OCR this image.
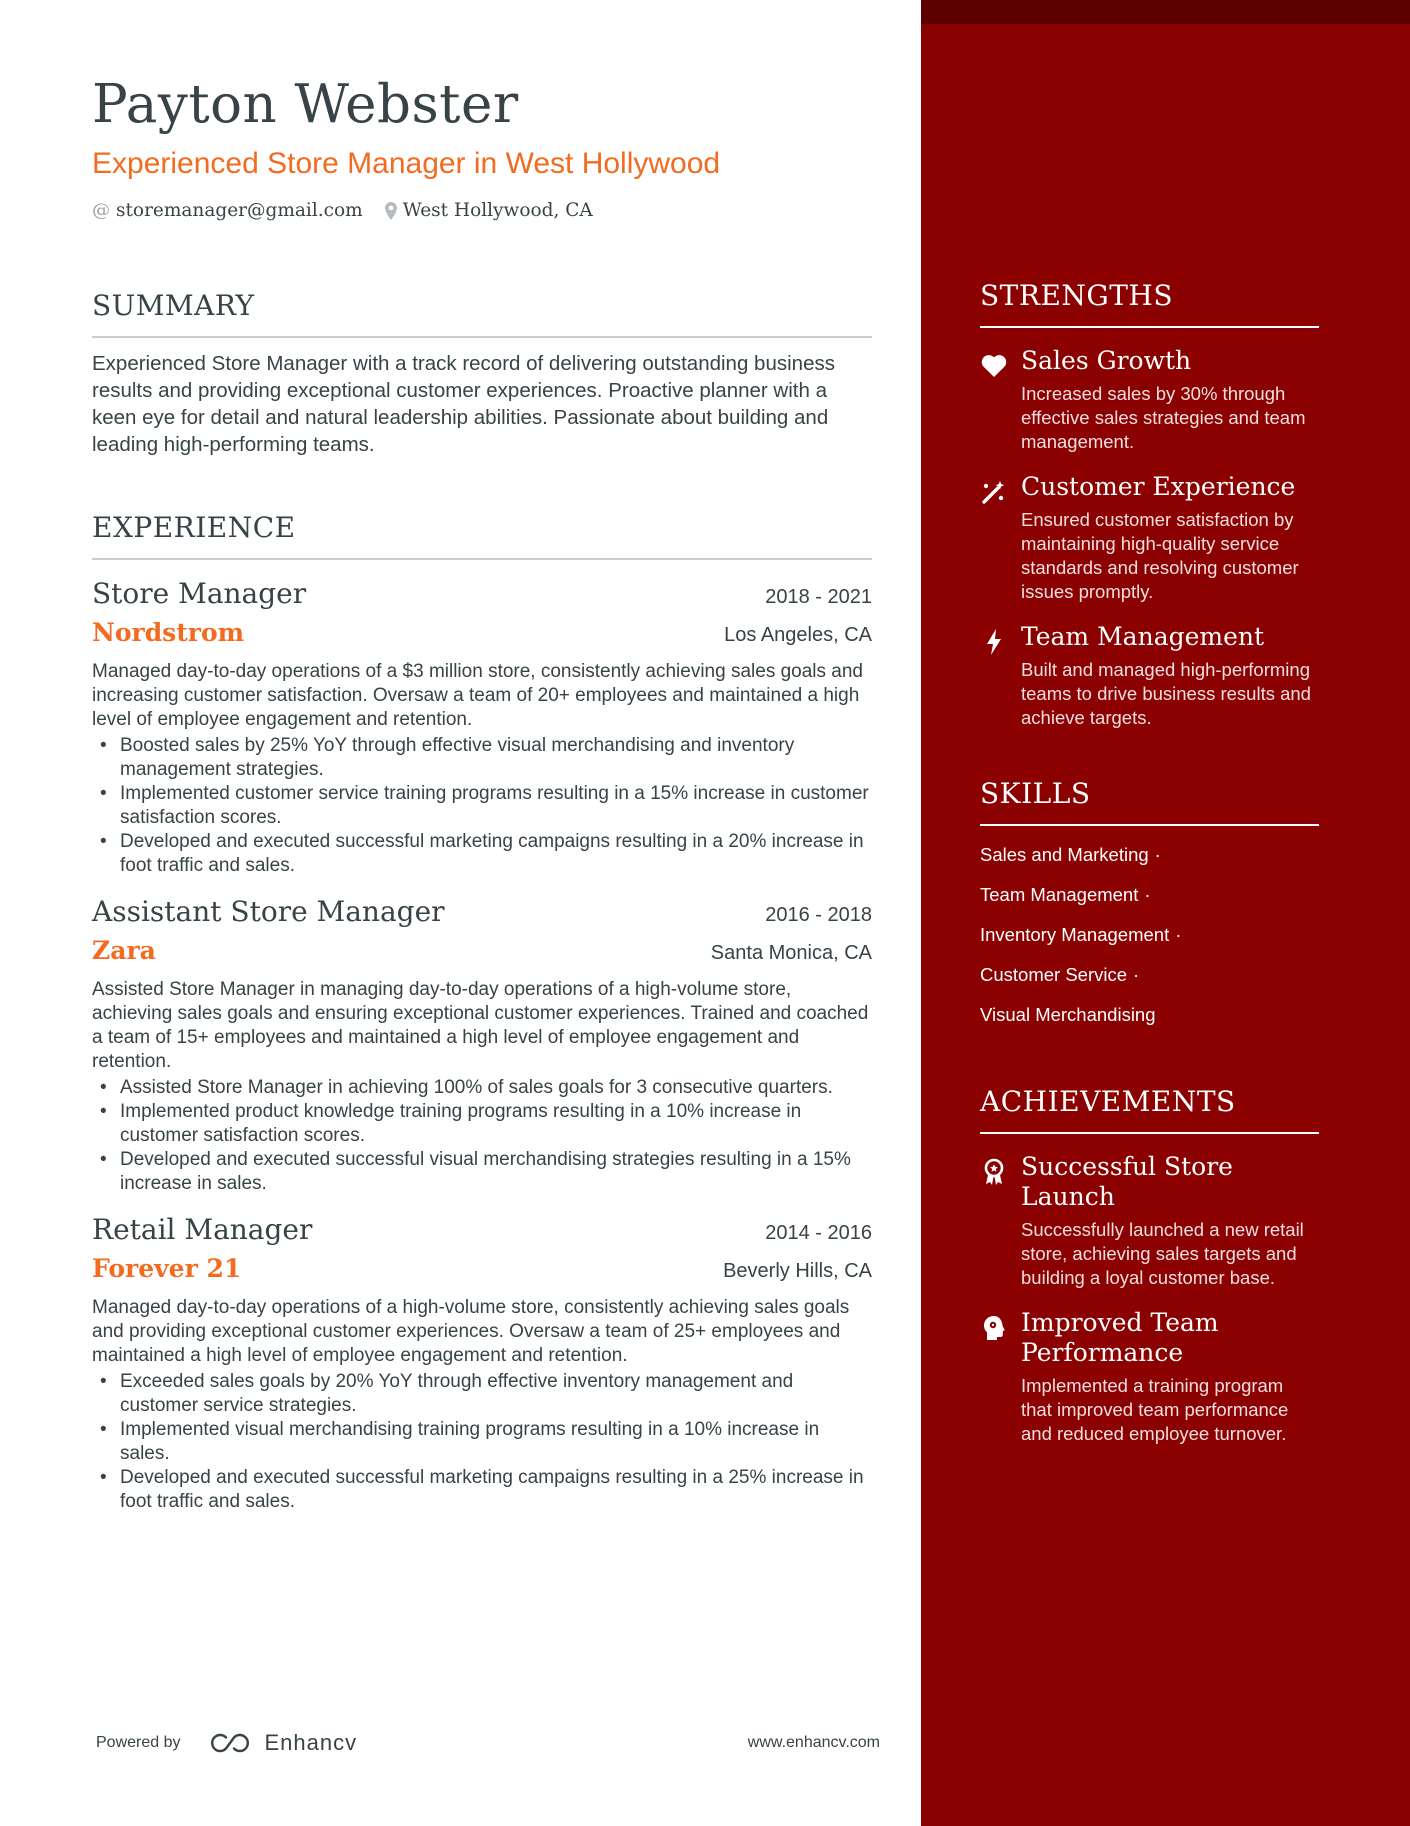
Payton Webster
Experienced Store Manager in West Hollywood
@ storemanager@gmail.com West Hollywood, CA
SUMMARY
Experienced Store Manager with a track record of delivering outstanding business results and providing exceptional customer experiences. Proactive planner with a keen eye for detail and natural leadership abilities. Passionate about building and leading high-performing teams.
EXPERIENCE
Store Manager	2018 - 2021
Nordstrom	Los Angeles, CA
Managed day-to-day operations of a $3 million store, consistently achieving sales goals and increasing customer satisfaction. Oversaw a team of 20+ employees and maintained a high level of employee engagement and retention.
• Boosted sales by 25% YoY through effective visual merchandising and inventory management strategies.
• Implemented customer service training programs resulting in a 15% increase in customer satisfaction scores.
• Developed and executed successful marketing campaigns resulting in a 20% increase in foot traffic and sales.
Assistant Store Manager	2016 - 2018
Zara	Santa Monica, CA
Assisted Store Manager in managing day-to-day operations of a high-volume store, achieving sales goals and ensuring exceptional customer experiences. Trained and coached a team of 15+ employees and maintained a high level of employee engagement and retention.
• Assisted Store Manager in achieving 100% of sales goals for 3 consecutive quarters.
• Implemented product knowledge training programs resulting in a 10% increase in customer satisfaction scores.
• Developed and executed successful visual merchandising strategies resulting in a 15% increase in sales.
Retail Manager	2014 - 2016
Forever 21	Beverly Hills, CA
Managed day-to-day operations of a high-volume store, consistently achieving sales goals and providing exceptional customer experiences. Oversaw a team of 25+ employees and maintained a high level of employee engagement and retention.
• Exceeded sales goals by 20% YoY through effective inventory management and customer service strategies.
• Implemented visual merchandising training programs resulting in a 10% increase in sales.
• Developed and executed successful marketing campaigns resulting in a 25% increase in foot traffic and sales.
STRENGTHS
Sales Growth
Increased sales by 30% through effective sales strategies and team management.
Customer Experience
Ensured customer satisfaction by maintaining high-quality service standards and resolving customer issues promptly.
Team Management
Built and managed high-performing teams to drive business results and achieve targets.
SKILLS
Sales and Marketing ·
Team Management ·
Inventory Management ·
Customer Service ·
Visual Merchandising
ACHIEVEMENTS
Successful Store Launch
Successfully launched a new retail store, achieving sales targets and building a loyal customer base.
Improved Team Performance
Implemented a training program that improved team performance and reduced employee turnover.
Powered by	Enhancv	www.enhancv.com
